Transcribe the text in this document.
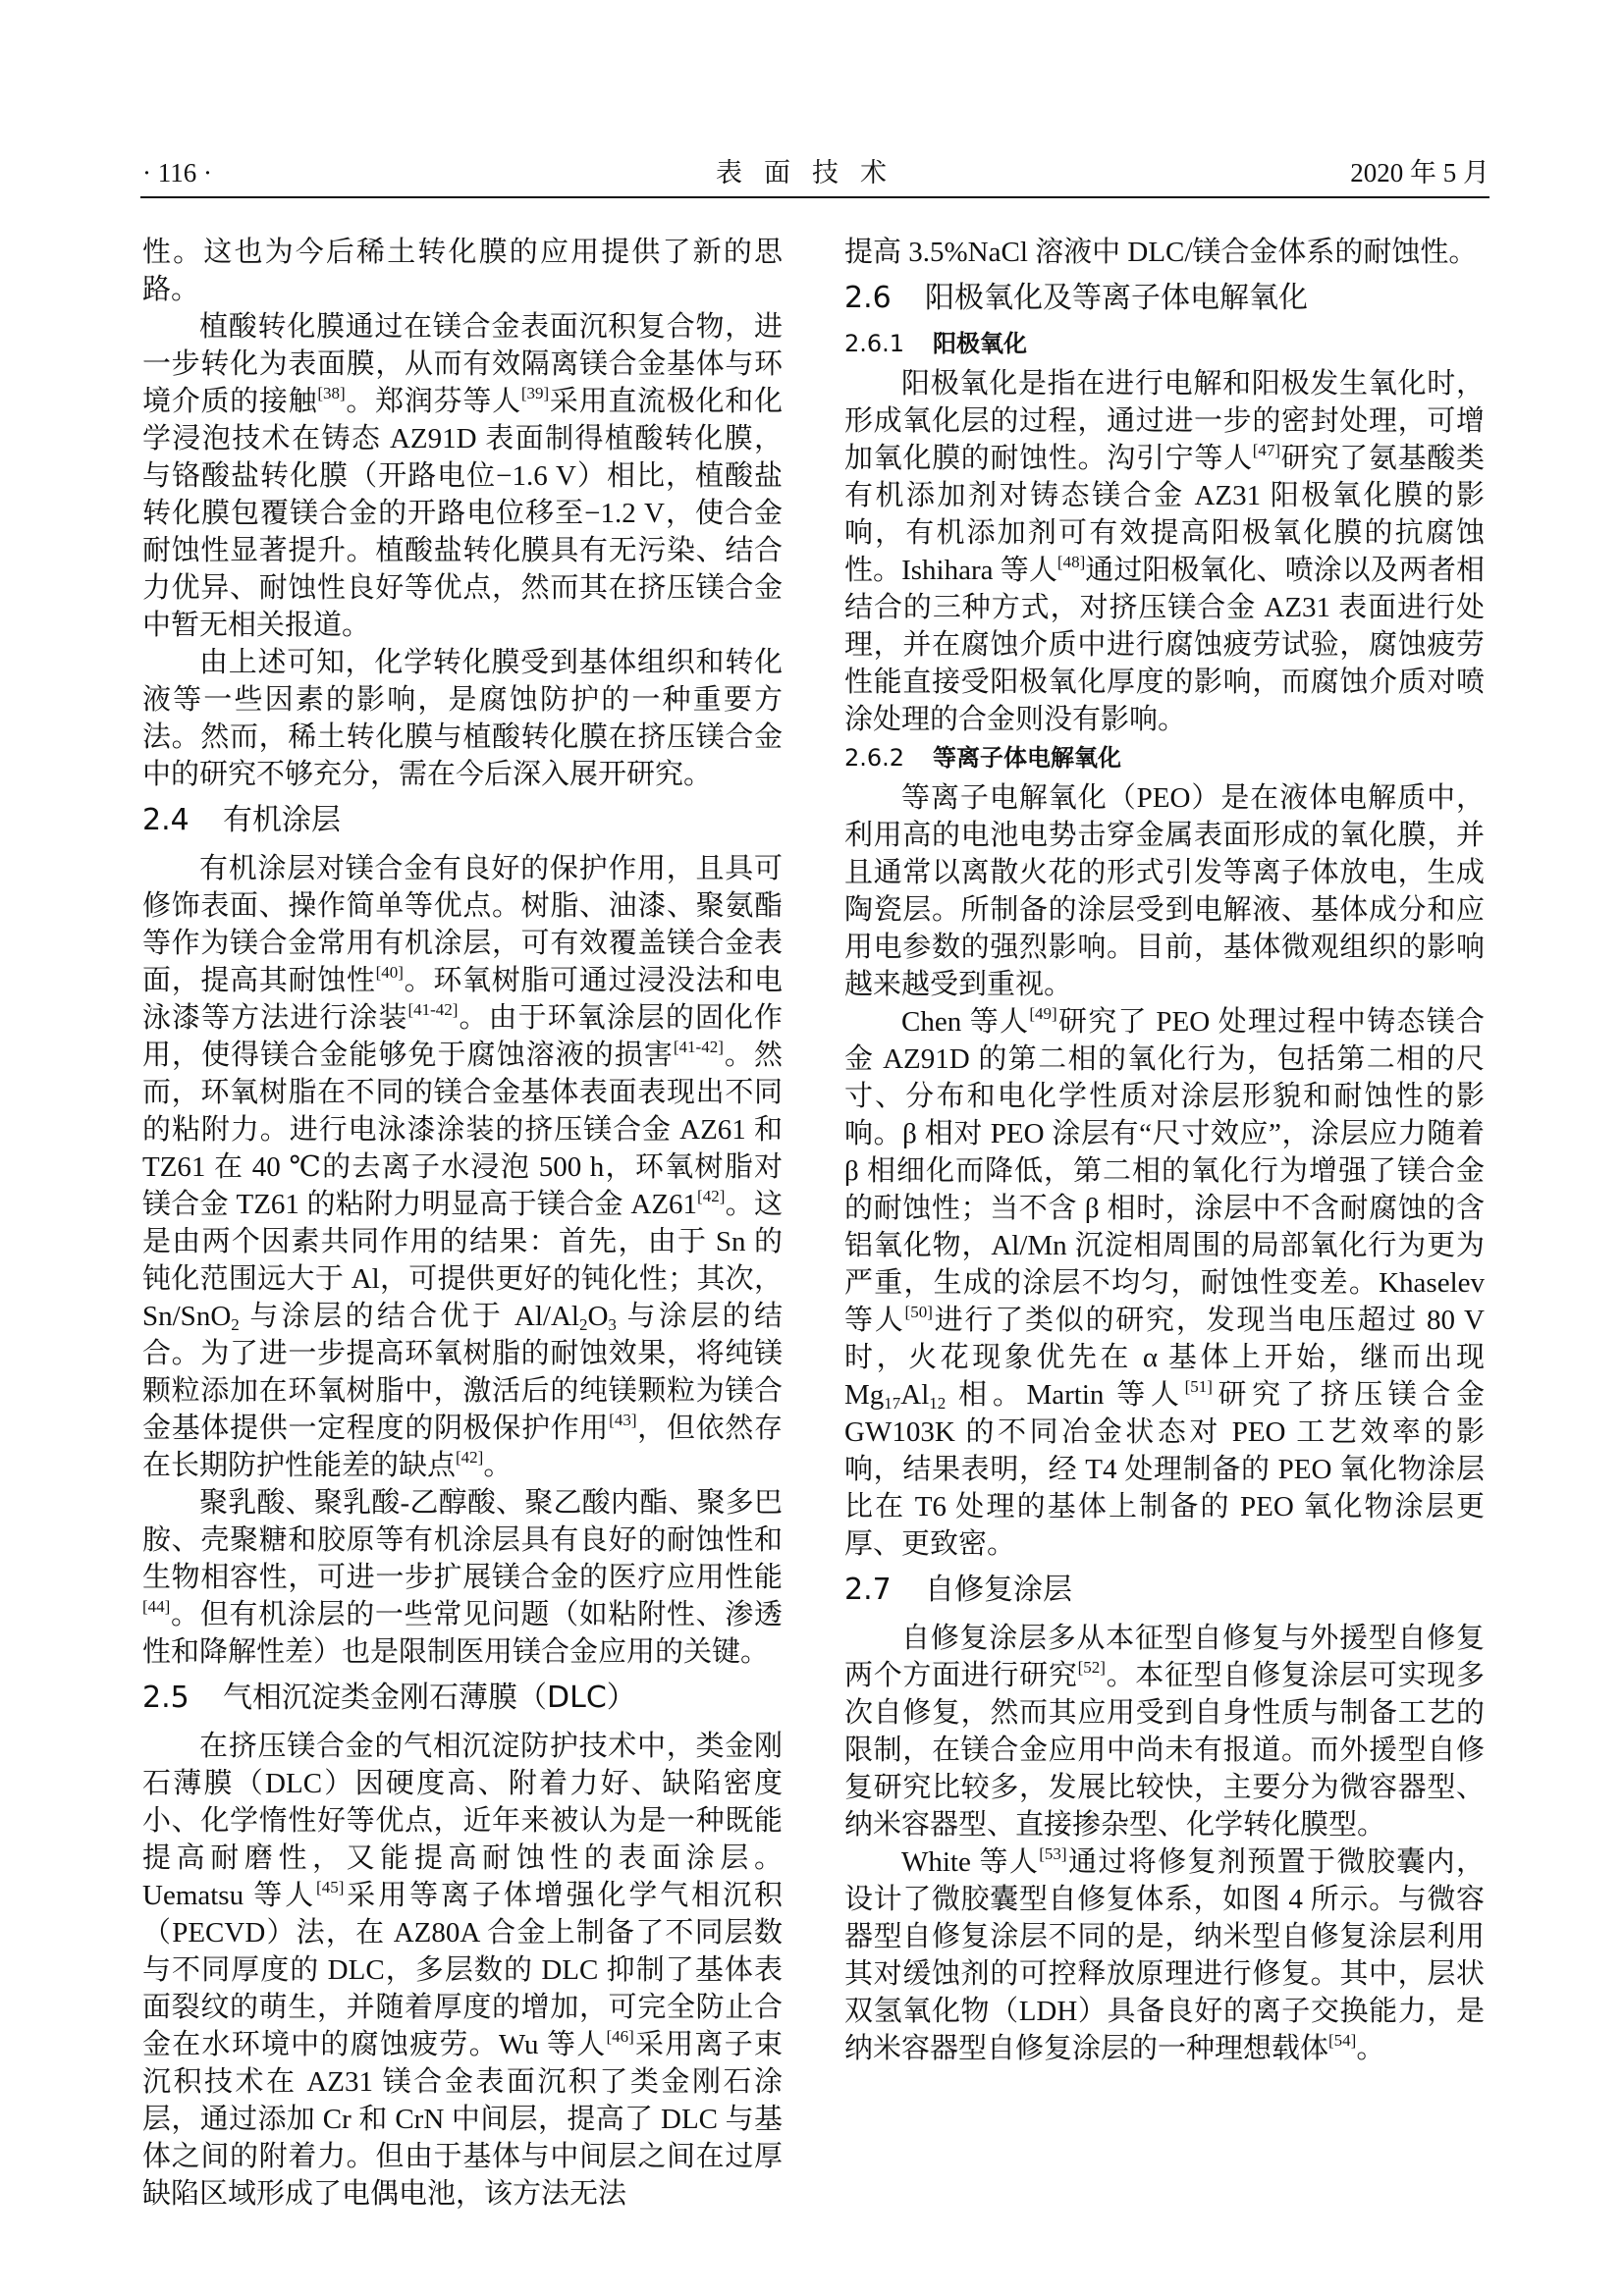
· 116 ·	表面技术	2020 年 5 月

性。这也为今后稀土转化膜的应用提供了新的思路。

植酸转化膜通过在镁合金表面沉积复合物，进一步转化为表面膜，从而有效隔离镁合金基体与环境介质的接触[38]。郑润芬等人[39]采用直流极化和化学浸泡技术在铸态 AZ91D 表面制得植酸转化膜，与铬酸盐转化膜（开路电位−1.6 V）相比，植酸盐转化膜包覆镁合金的开路电位移至−1.2 V，使合金耐蚀性显著提升。植酸盐转化膜具有无污染、结合力优异、耐蚀性良好等优点，然而其在挤压镁合金中暂无相关报道。

由上述可知，化学转化膜受到基体组织和转化液等一些因素的影响，是腐蚀防护的一种重要方法。然而，稀土转化膜与植酸转化膜在挤压镁合金中的研究不够充分，需在今后深入展开研究。

2.4 有机涂层

有机涂层对镁合金有良好的保护作用，且具可修饰表面、操作简单等优点。树脂、油漆、聚氨酯等作为镁合金常用有机涂层，可有效覆盖镁合金表面，提高其耐蚀性[40]。环氧树脂可通过浸没法和电泳漆等方法进行涂装[41-42]。由于环氧涂层的固化作用，使得镁合金能够免于腐蚀溶液的损害[41-42]。然而，环氧树脂在不同的镁合金基体表面表现出不同的粘附力。进行电泳漆涂装的挤压镁合金 AZ61 和 TZ61 在 40 ℃的去离子水浸泡 500 h，环氧树脂对镁合金 TZ61 的粘附力明显高于镁合金 AZ61[42]。这是由两个因素共同作用的结果：首先，由于 Sn 的钝化范围远大于 Al，可提供更好的钝化性；其次，Sn/SnO$_2$ 与涂层的结合优于 $Al/Al_2O_3$ 与涂层的结合。为了进一步提高环氧树脂的耐蚀效果，将纯镁颗粒添加在环氧树脂中，激活后的纯镁颗粒为镁合金基体提供一定程度的阴极保护作用[43]，但依然存在长期防护性能差的缺点[42]。

聚乳酸、聚乳酸-乙醇酸、聚乙酸内酯、聚多巴胺、壳聚糖和胶原等有机涂层具有良好的耐蚀性和生物相容性，可进一步扩展镁合金的医疗应用性能[44]。但有机涂层的一些常见问题（如粘附性、渗透性和降解性差）也是限制医用镁合金应用的关键。

2.5 气相沉淀类金刚石薄膜（DLC）

在挤压镁合金的气相沉淀防护技术中，类金刚石薄膜（DLC）因硬度高、附着力好、缺陷密度小、化学惰性好等优点，近年来被认为是一种既能提高耐磨性，又能提高耐蚀性的表面涂层。Uematsu 等人[45]采用等离子体增强化学气相沉积（PECVD）法，在 AZ80A 合金上制备了不同层数与不同厚度的 DLC，多层数的 DLC 抑制了基体表面裂纹的萌生，并随着厚度的增加，可完全防止合金在水环境中的腐蚀疲劳。Wu 等人[46]采用离子束沉积技术在 AZ31 镁合金表面沉积了类金刚石涂层，通过添加 Cr 和 CrN 中间层，提高了 DLC 与基体之间的附着力。但由于基体与中间层之间在过厚缺陷区域形成了电偶电池，该方法无法

提高 3.5%NaCl 溶液中 DLC/镁合金体系的耐蚀性。

2.6 阳极氧化及等离子体电解氧化
2.6.1 阳极氧化

阳极氧化是指在进行电解和阳极发生氧化时，形成氧化层的过程，通过进一步的密封处理，可增加氧化膜的耐蚀性。沟引宁等人[47]研究了氨基酸类有机添加剂对铸态镁合金 AZ31 阳极氧化膜的影响，有机添加剂可有效提高阳极氧化膜的抗腐蚀性。Ishihara 等人[48]通过阳极氧化、喷涂以及两者相结合的三种方式，对挤压镁合金 AZ31 表面进行处理，并在腐蚀介质中进行腐蚀疲劳试验，腐蚀疲劳性能直接受阳极氧化厚度的影响，而腐蚀介质对喷涂处理的合金则没有影响。

2.6.2 等离子体电解氧化

等离子电解氧化（PEO）是在液体电解质中，利用高的电池电势击穿金属表面形成的氧化膜，并且通常以离散火花的形式引发等离子体放电，生成陶瓷层。所制备的涂层受到电解液、基体成分和应用电参数的强烈影响。目前，基体微观组织的影响越来越受到重视。

Chen 等人[49]研究了 PEO 处理过程中铸态镁合金 AZ91D 的第二相的氧化行为，包括第二相的尺寸、分布和电化学性质对涂层形貌和耐蚀性的影响。β 相对 PEO 涂层有“尺寸效应”，涂层应力随着 β 相细化而降低，第二相的氧化行为增强了镁合金的耐蚀性；当不含 β 相时，涂层中不含耐腐蚀的含铝氧化物，Al/Mn 沉淀相周围的局部氧化行为更为严重，生成的涂层不均匀，耐蚀性变差。Khaselev 等人[50]进行了类似的研究，发现当电压超过 80 V 时，火花现象优先在 α 基体上开始，继而出现 $Mg_{17}Al_{12}$ 相。Martin 等人[51]研究了挤压镁合金 GW103K 的不同冶金状态对 PEO 工艺效率的影响，结果表明，经 T4 处理制备的 PEO 氧化物涂层比在 T6 处理的基体上制备的 PEO 氧化物涂层更厚、更致密。

2.7 自修复涂层

自修复涂层多从本征型自修复与外援型自修复两个方面进行研究[52]。本征型自修复涂层可实现多次自修复，然而其应用受到自身性质与制备工艺的限制，在镁合金应用中尚未有报道。而外援型自修复研究比较多，发展比较快，主要分为微容器型、纳米容器型、直接掺杂型、化学转化膜型。

White 等人[53]通过将修复剂预置于微胶囊内，设计了微胶囊型自修复体系，如图 4 所示。与微容器型自修复涂层不同的是，纳米型自修复涂层利用其对缓蚀剂的可控释放原理进行修复。其中，层状双氢氧化物（LDH）具备良好的离子交换能力，是纳米容器型自修复涂层的一种理想载体[54]。
